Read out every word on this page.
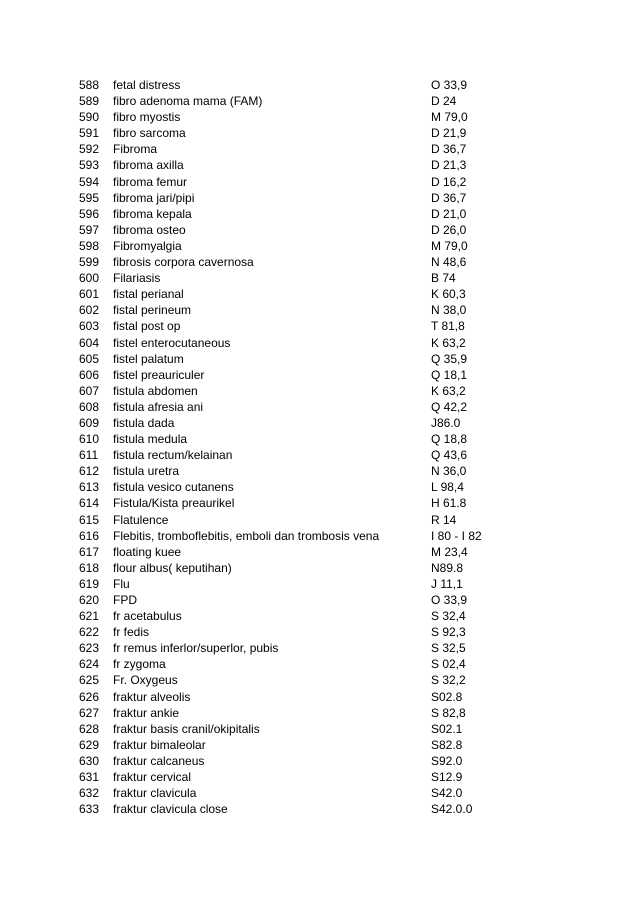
588 fetal distress	O 33,9
589 fibro adenoma mama (FAM)	D 24
590 fibro myostis	M 79,0
591 fibro sarcoma	D 21,9
592 Fibroma	D 36,7
593 fibroma axilla	D 21,3
594 fibroma femur	D 16,2
595 fibroma jari/pipi	D 36,7
596 fibroma kepala	D 21,0
597 fibroma osteo	D 26,0
598 Fibromyalgia	M 79,0
599 fibrosis corpora cavernosa	N 48,6
600 Filariasis	B 74
601 fistal perianal	K 60,3
602 fistal perineum	N 38,0
603 fistal post op	T 81,8
604 fistel enterocutaneous	K 63,2
605 fistel palatum	Q 35,9
606 fistel preauriculer	Q 18,1
607 fistula abdomen	K 63,2
608 fistula afresia ani	Q 42,2
609 fistula dada	J86.0
610 fistula medula	Q 18,8
611 fistula rectum/kelainan	Q 43,6
612 fistula uretra	N 36,0
613 fistula vesico cutanens	L 98,4
614 Fistula/Kista preaurikel	H 61.8
615 Flatulence	R 14
616 Flebitis, tromboflebitis, emboli dan trombosis vena	I 80 - I 82
617 floating kuee	M 23,4
618 flour albus( keputihan)	N89.8
619 Flu	J 11,1
620 FPD	O 33,9
621 fr acetabulus	S 32,4
622 fr fedis	S 92,3
623 fr remus inferlor/superlor, pubis	S 32,5
624 fr zygoma	S 02,4
625 Fr. Oxygeus	S 32,2
626 fraktur alveolis	S02.8
627 fraktur ankie	S 82,8
628 fraktur basis cranil/okipitalis	S02.1
629 fraktur bimaleolar	S82.8
630 fraktur calcaneus	S92.0
631 fraktur cervical	S12.9
632 fraktur clavicula	S42.0
633 fraktur clavicula close	S42.0.0
